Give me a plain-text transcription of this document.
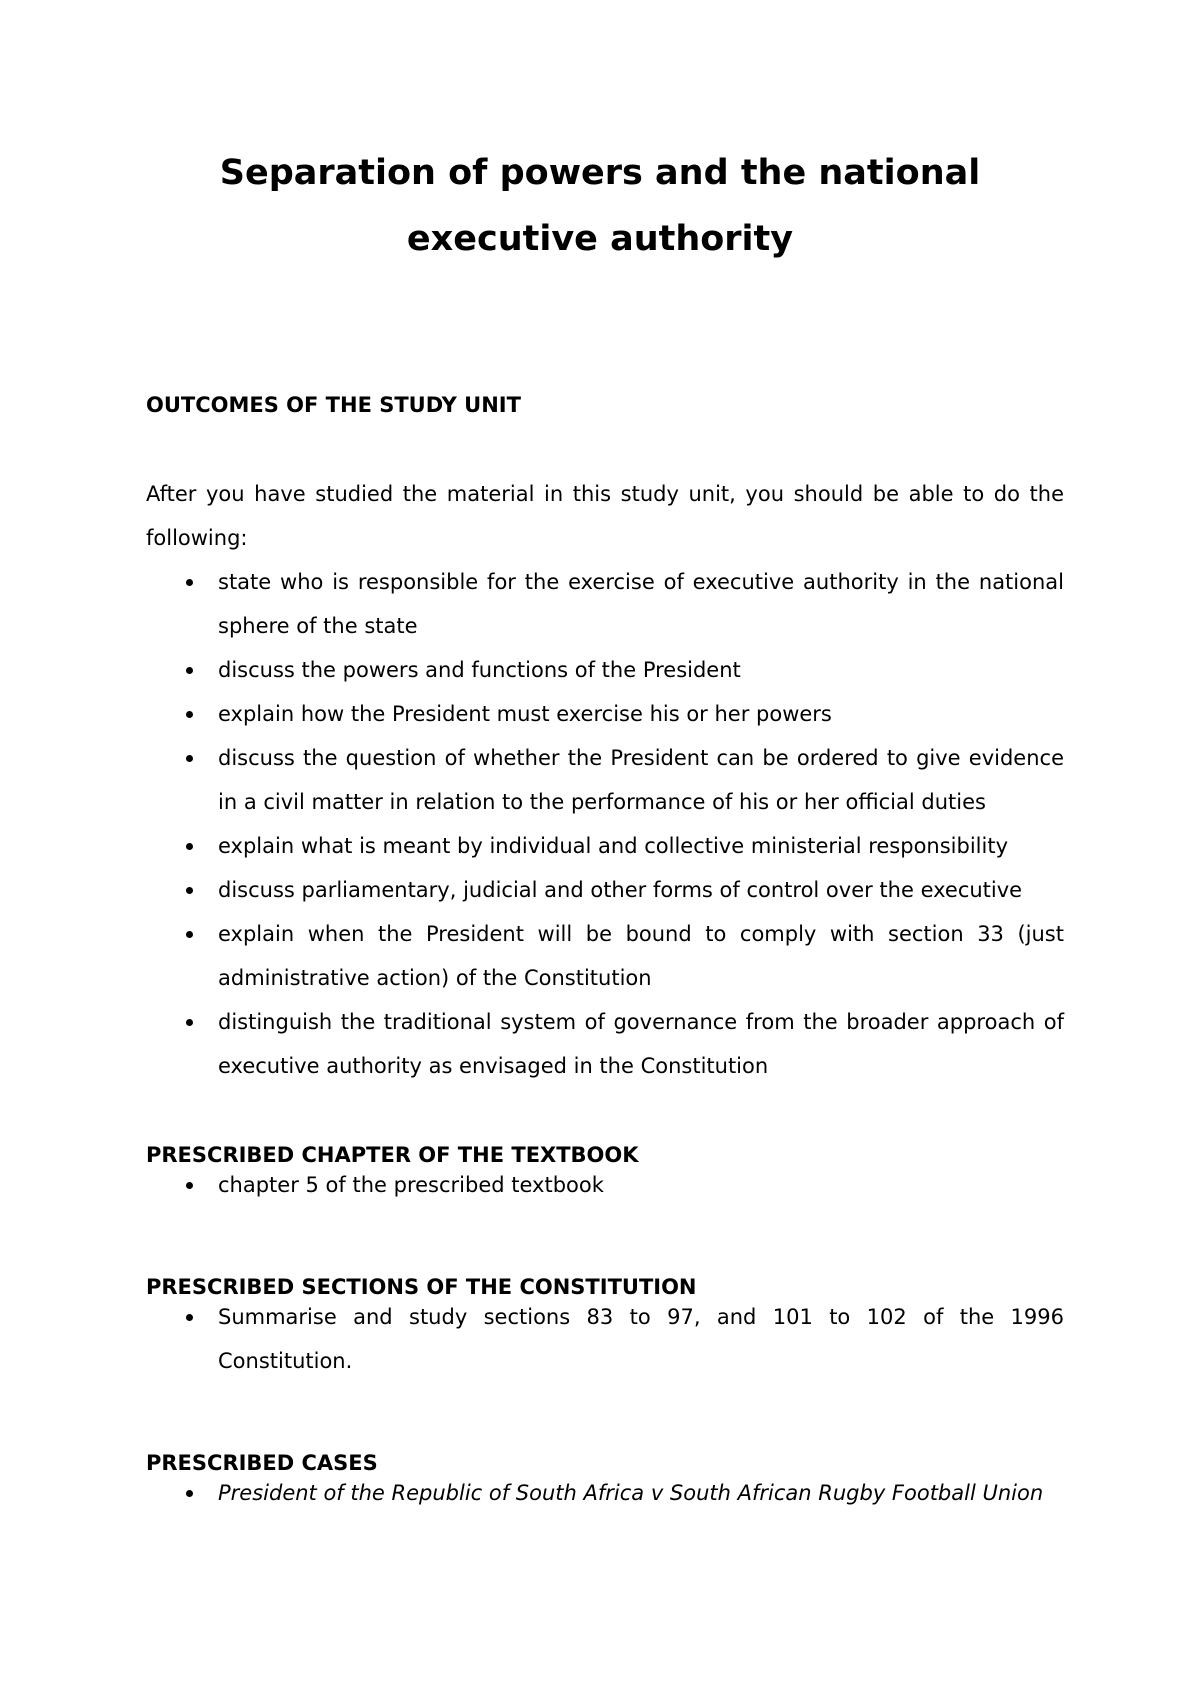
Separation of powers and the national executive authority
OUTCOMES OF THE STUDY UNIT

After you have studied the material in this study unit, you should be able to do the following:

state who is responsible for the exercise of executive authority in the national sphere of the state
discuss the powers and functions of the President
explain how the President must exercise his or her powers
discuss the question of whether the President can be ordered to give evidence in a civil matter in relation to the performance of his or her official duties
explain what is meant by individual and collective ministerial responsibility
discuss parliamentary, judicial and other forms of control over the executive
explain when the President will be bound to comply with section 33 (just administrative action) of the Constitution
distinguish the traditional system of governance from the broader approach of executive authority as envisaged in the Constitution
PRESCRIBED CHAPTER OF THE TEXTBOOK
chapter 5 of the prescribed textbook
PRESCRIBED SECTIONS OF THE CONSTITUTION
Summarise and study sections 83 to 97, and 101 to 102 of the 1996 Constitution.
PRESCRIBED CASES
President of the Republic of South Africa v South African Rugby Football Union
